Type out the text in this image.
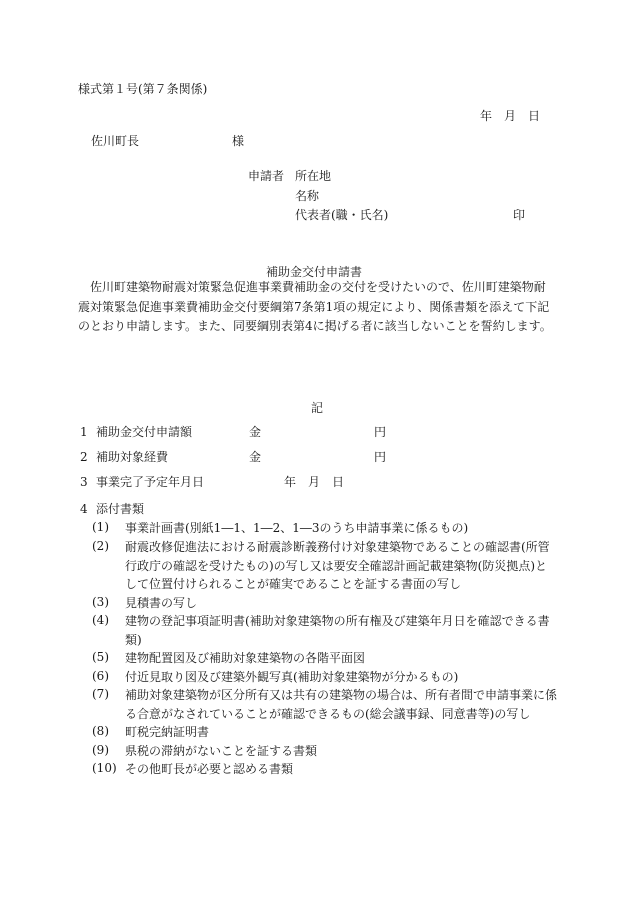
様式第１号(第７条関係)
年　月　日
佐川町長	様
申請者 所在地
名称
代表者(職・氏名)	印
補助金交付申請書
佐川町建築物耐震対策緊急促進事業費補助金の交付を受けたいので、佐川町建築物耐震対策緊急促進事業費補助金交付要綱第7条第1項の規定により、関係書類を添えて下記のとおり申請します。また、同要綱別表第4に掲げる者に該当しないことを誓約します。
記
1 補助金交付申請額	金	円
2 補助対象経費	金	円
3 事業完了予定年月日	年　月　日
4 添付書類
(1) 事業計画書(別紙1―1、1―2、1―3のうち申請事業に係るもの)
(2) 耐震改修促進法における耐震診断義務付け対象建築物であることの確認書(所管行政庁の確認を受けたもの)の写し又は要安全確認計画記載建築物(防災拠点)として位置付けられることが確実であることを証する書面の写し
(3) 見積書の写し
(4) 建物の登記事項証明書(補助対象建築物の所有権及び建築年月日を確認できる書類)
(5) 建物配置図及び補助対象建築物の各階平面図
(6) 付近見取り図及び建築外観写真(補助対象建築物が分かるもの)
(7) 補助対象建築物が区分所有又は共有の建築物の場合は、所有者間で申請事業に係る合意がなされていることが確認できるもの(総会議事録、同意書等)の写し
(8) 町税完納証明書
(9) 県税の滞納がないことを証する書類
(10) その他町長が必要と認める書類
